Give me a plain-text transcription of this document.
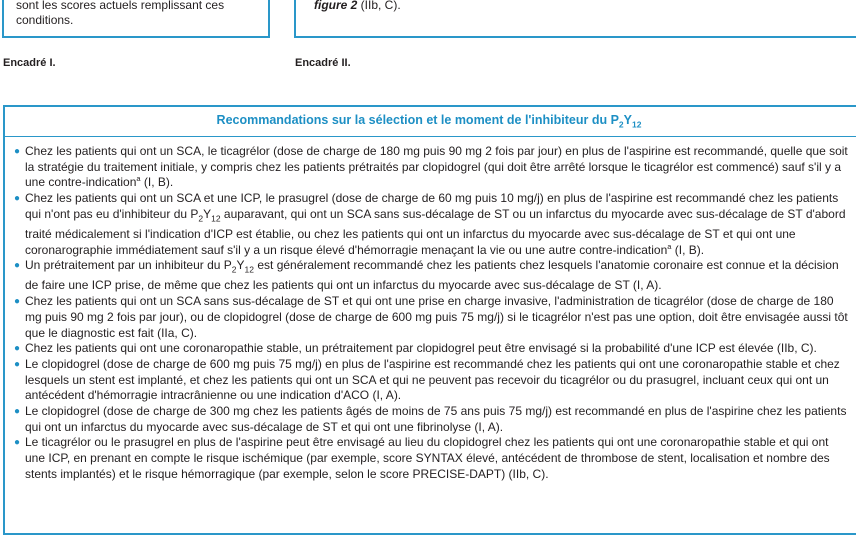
sont les scores actuels remplissant ces conditions.
figure 2 (IIb, C).
Encadré I.	Encadré II.
Recommandations sur la sélection et le moment de l'inhibiteur du $P_2Y_{12}$
● Chez les patients qui ont un SCA, le ticagrélor (dose de charge de 180 mg puis 90 mg 2 fois par jour) en plus de l'aspirine est recommandé, quelle que soit la stratégie du traitement initiale, y compris chez les patients prétraités par clopidogrel (qui doit être arrêté lorsque le ticagrélor est commencé) sauf s'il y a une contre-indication$^a$ (I, B).
● Chez les patients qui ont un SCA et une ICP, le prasugrel (dose de charge de 60 mg puis 10 mg/j) en plus de l'aspirine est recommandé chez les patients qui n'ont pas eu d'inhibiteur du $P_2Y_{12}$ auparavant, qui ont un SCA sans sus-décalage de ST ou un infarctus du myocarde avec sus-décalage de ST d'abord traité médicalement si l'indication d'ICP est établie, ou chez les patients qui ont un infarctus du myocarde avec sus-décalage de ST et qui ont une coronarographie immédiatement sauf s'il y a un risque élevé d'hémorragie menaçant la vie ou une autre contre-indication$^a$ (I, B).
● Un prétraitement par un inhibiteur du $P_2Y_{12}$ est généralement recommandé chez les patients chez lesquels l'anatomie coronaire est connue et la décision de faire une ICP prise, de même que chez les patients qui ont un infarctus du myocarde avec sus-décalage de ST (I, A).
● Chez les patients qui ont un SCA sans sus-décalage de ST et qui ont une prise en charge invasive, l'administration de ticagrélor (dose de charge de 180 mg puis 90 mg 2 fois par jour), ou de clopidogrel (dose de charge de 600 mg puis 75 mg/j) si le ticagrélor n'est pas une option, doit être envisagée aussi tôt que le diagnostic est fait (IIa, C).
● Chez les patients qui ont une coronaropathie stable, un prétraitement par clopidogrel peut être envisagé si la probabilité d'une ICP est élevée (IIb, C).
● Le clopidogrel (dose de charge de 600 mg puis 75 mg/j) en plus de l'aspirine est recommandé chez les patients qui ont une coronaropathie stable et chez lesquels un stent est implanté, et chez les patients qui ont un SCA et qui ne peuvent pas recevoir du ticagrélor ou du prasugrel, incluant ceux qui ont un antécédent d'hémorragie intracrânienne ou une indication d'ACO (I, A).
● Le clopidogrel (dose de charge de 300 mg chez les patients âgés de moins de 75 ans puis 75 mg/j) est recommandé en plus de l'aspirine chez les patients qui ont un infarctus du myocarde avec sus-décalage de ST et qui ont une fibrinolyse (I, A).
● Le ticagrélor ou le prasugrel en plus de l'aspirine peut être envisagé au lieu du clopidogrel chez les patients qui ont une coronaropathie stable et qui ont une ICP, en prenant en compte le risque ischémique (par exemple, score SYNTAX élevé, antécédent de thrombose de stent, localisation et nombre des stents implantés) et le risque hémorragique (par exemple, selon le score PRECISE-DAPT) (IIb, C).
